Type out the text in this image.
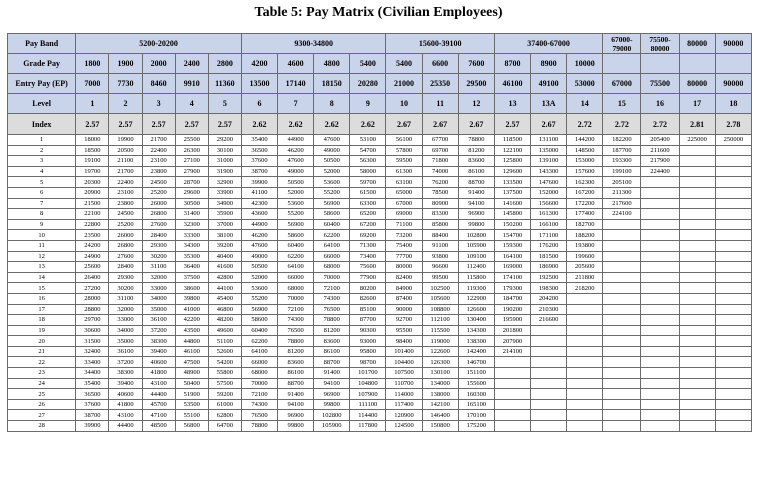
Table 5: Pay Matrix (Civilian Employees)
Pay Band	5200-20200					9300-34800				15600-39100			37400-67000			67000-79000	75500-80000	80000	90000
Grade Pay	1800	1900	2000	2400	2800	4200	4600	4800	5400	5400	6600	7600	8700	8900	10000				
Entry Pay (EP)	7000	7730	8460	9910	11360	13500	17140	18150	20280	21000	25350	29500	46100	49100	53000	67000	75500	80000	90000
Level	1	2	3	4	5	6	7	8	9	10	11	12	13	13A	14	15	16	17	18
Index	2.57	2.57	2.57	2.57	2.57	2.62	2.62	2.62	2.62	2.67	2.67	2.67	2.57	2.67	2.72	2.72	2.72	2.81	2.78
1	18000	19900	21700	25500	29200	35400	44900	47600	53100	56100	67700	78800	118500	131100	144200	182200	205400	225000	250000
2	18500	20500	22400	26300	30100	36500	46200	49000	54700	57800	69700	81200	122100	135000	148500	187700	211600		
3	19100	21100	23100	27100	31000	37600	47600	50500	56300	59500	71800	83600	125800	139100	153000	193300	217900		
4	19700	21700	23800	27900	31900	38700	49000	52000	58000	61300	74000	86100	129600	143300	157600	199100	224400		
5	20300	22400	24500	28700	32900	39900	50500	53600	59700	63100	76200	88700	133500	147600	162300	205100			
6	20900	23100	25200	29600	33900	41100	52000	55200	61500	65000	78500	91400	137500	152000	167200	211300			
7	21500	23800	26000	30500	34900	42300	53600	56900	63300	67000	80900	94100	141600	156600	172200	217600			
8	22100	24500	26800	31400	35900	43600	55200	58600	65200	69000	83300	96900	145800	161300	177400	224100			
9	22800	25200	27600	32300	37000	44900	56900	60400	67200	71100	85800	99800	150200	166100	182700				
10	23500	26000	28400	33300	38100	46200	58600	62200	69200	73200	88400	102800	154700	171100	188200				
11	24200	26800	29300	34300	39200	47600	60400	64100	71300	75400	91100	105900	159300	176200	193800				
12	24900	27600	30200	35300	40400	49000	62200	66000	73400	77700	93800	109100	164100	181500	199600				
13	25600	28400	31100	36400	41600	50500	64100	68000	75600	80000	96600	112400	169000	186900	205600				
14	26400	29300	32000	37500	42800	52000	66000	70000	77900	82400	99500	115800	174100	192500	211800				
15	27200	30200	33000	38600	44100	53600	68000	72100	80200	84900	102500	119300	179300	198300	218200				
16	28000	31100	34000	39800	45400	55200	70000	74300	82600	87400	105600	122900	184700	204200					
17	28800	32000	35000	41000	46800	56900	72100	76500	85100	90000	108800	126600	190200	210300					
18	29700	33000	36100	42200	48200	58600	74300	78800	87700	92700	112100	130400	195900	216600					
19	30600	34000	37200	43500	49600	60400	76500	81200	90300	95500	115500	134300	201800						
20	31500	35000	38300	44800	51100	62200	78800	83600	93000	98400	119000	138300	207900						
21	32400	36100	39400	46100	52600	64100	81200	86100	95800	101400	122600	142400	214100						
22	33400	37200	40600	47500	54200	66000	83600	88700	98700	104400	126300	146700							
23	34400	38300	41800	48900	55800	68000	86100	91400	101700	107500	130100	151100							
24	35400	39400	43100	50400	57500	70000	88700	94100	104800	110700	134000	155600							
25	36500	40600	44400	51900	59200	72100	91400	96900	107900	114000	138000	160300							
26	37600	41800	45700	53500	61000	74300	94100	99800	111100	117400	142100	165100							
27	38700	43100	47100	55100	62800	76500	96900	102800	114400	120900	146400	170100							
28	39900	44400	48500	56800	64700	78800	99800	105900	117800	124500	150800	175200							
